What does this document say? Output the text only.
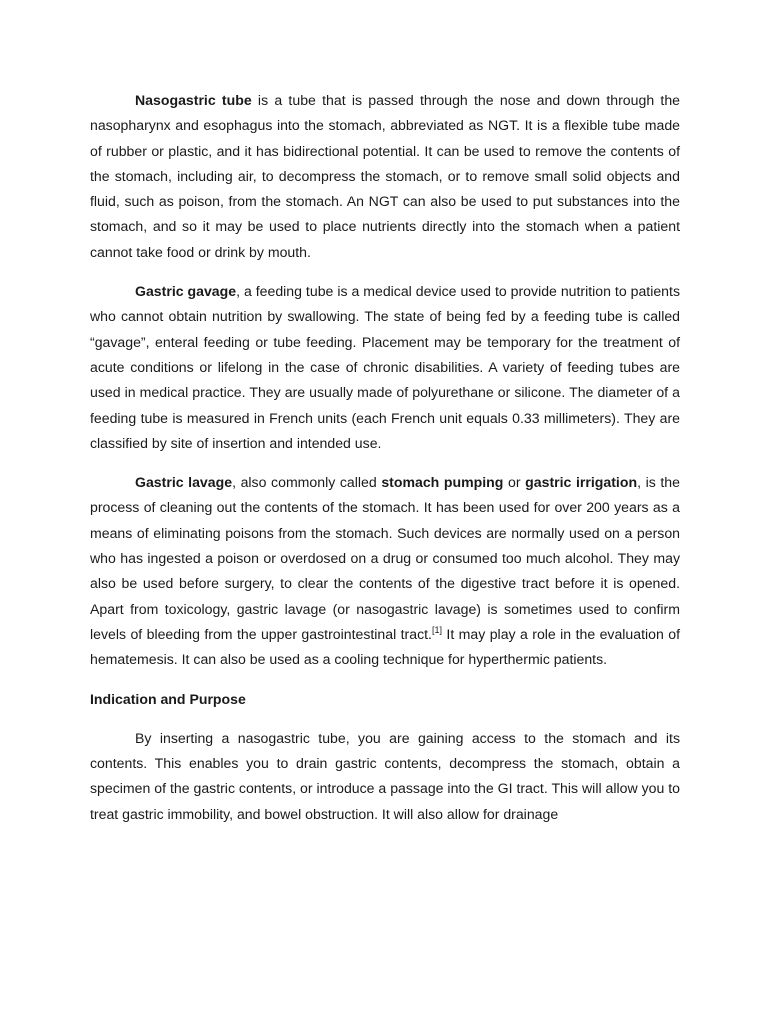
Nasogastric tube is a tube that is passed through the nose and down through the nasopharynx and esophagus into the stomach, abbreviated as NGT. It is a flexible tube made of rubber or plastic, and it has bidirectional potential. It can be used to remove the contents of the stomach, including air, to decompress the stomach, or to remove small solid objects and fluid, such as poison, from the stomach. An NGT can also be used to put substances into the stomach, and so it may be used to place nutrients directly into the stomach when a patient cannot take food or drink by mouth.

Gastric gavage, a feeding tube is a medical device used to provide nutrition to patients who cannot obtain nutrition by swallowing. The state of being fed by a feeding tube is called “gavage”, enteral feeding or tube feeding. Placement may be temporary for the treatment of acute conditions or lifelong in the case of chronic disabilities. A variety of feeding tubes are used in medical practice. They are usually made of polyurethane or silicone. The diameter of a feeding tube is measured in French units (each French unit equals 0.33 millimeters). They are classified by site of insertion and intended use.

Gastric lavage, also commonly called stomach pumping or gastric irrigation, is the process of cleaning out the contents of the stomach. It has been used for over 200 years as a means of eliminating poisons from the stomach. Such devices are normally used on a person who has ingested a poison or overdosed on a drug or consumed too much alcohol. They may also be used before surgery, to clear the contents of the digestive tract before it is opened. Apart from toxicology, gastric lavage (or nasogastric lavage) is sometimes used to confirm levels of bleeding from the upper gastrointestinal tract.[1] It may play a role in the evaluation of hematemesis. It can also be used as a cooling technique for hyperthermic patients.

Indication and Purpose

By inserting a nasogastric tube, you are gaining access to the stomach and its contents. This enables you to drain gastric contents, decompress the stomach, obtain a specimen of the gastric contents, or introduce a passage into the GI tract. This will allow you to treat gastric immobility, and bowel obstruction. It will also allow for drainage
